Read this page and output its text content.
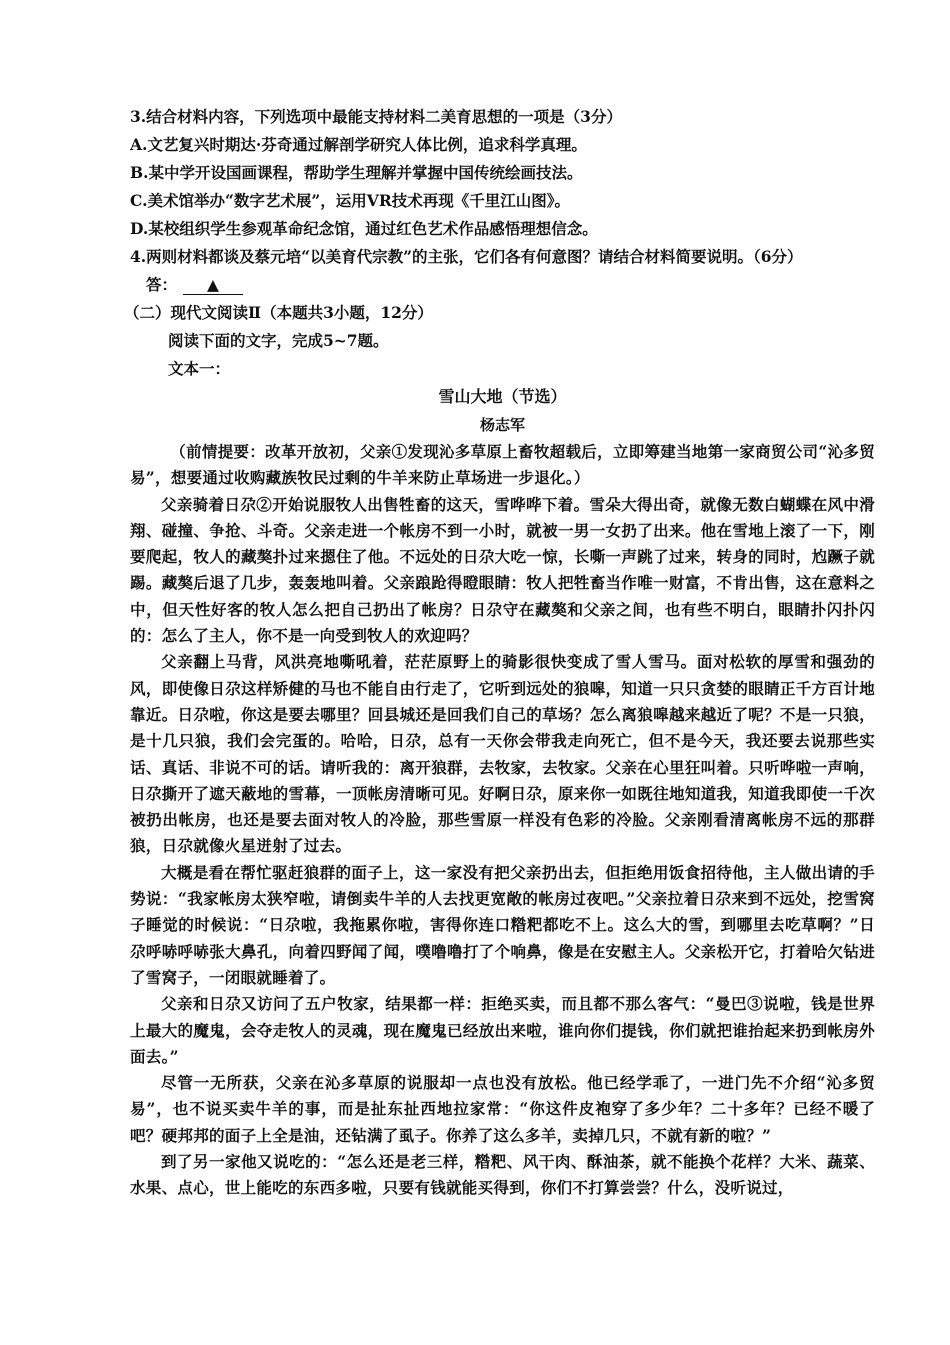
3.结合材料内容，下列选项中最能支持材料二美育思想的一项是（3分）
A.文艺复兴时期达·芬奇通过解剖学研究人体比例，追求科学真理。
B.某中学开设国画课程，帮助学生理解并掌握中国传统绘画技法。
C.美术馆举办“数字艺术展”，运用VR技术再现《千里江山图》。
D.某校组织学生参观革命纪念馆，通过红色艺术作品感悟理想信念。
4.两则材料都谈及蔡元培“以美育代宗教”的主张，它们各有何意图？请结合材料简要说明。（6分）
答： ▲
（二）现代文阅读Ⅱ（本题共3小题，12分）
阅读下面的文字，完成5~7题。
文本一：
雪山大地（节选）
杨志军

（前情提要：改革开放初，父亲①发现沁多草原上畜牧超载后，立即筹建当地第一家商贸公司“沁多贸易”，想要通过收购藏族牧民过剩的牛羊来防止草场进一步退化。）

父亲骑着日尕②开始说服牧人出售牲畜的这天，雪哗哗下着。雪朵大得出奇，就像无数白蝴蝶在风中滑翔、碰撞、争抢、斗奇。父亲走进一个帐房不到一小时，就被一男一女扔了出来。他在雪地上滚了一下，刚要爬起，牧人的藏獒扑过来摁住了他。不远处的日尕大吃一惊，长嘶一声跳了过来，转身的同时，尥蹶子就踢。藏獒后退了几步，轰轰地叫着。父亲踉跄得瞪眼睛：牧人把牲畜当作唯一财富，不肯出售，这在意料之中，但天性好客的牧人怎么把自己扔出了帐房？日尕守在藏獒和父亲之间，也有些不明白，眼睛扑闪扑闪的：怎么了主人，你不是一向受到牧人的欢迎吗？

父亲翻上马背，风洪亮地嘶吼着，茫茫原野上的骑影很快变成了雪人雪马。面对松软的厚雪和强劲的风，即使像日尕这样矫健的马也不能自由行走了，它听到远处的狼嗥，知道一只只贪婪的眼睛正千方百计地靠近。日尕啦，你这是要去哪里？回县城还是回我们自己的草场？怎么离狼嗥越来越近了呢？不是一只狼，是十几只狼，我们会完蛋的。哈哈，日尕，总有一天你会带我走向死亡，但不是今天，我还要去说那些实话、真话、非说不可的话。请听我的：离开狼群，去牧家，去牧家。父亲在心里狂叫着。只听哗啦一声响，日尕撕开了遮天蔽地的雪幕，一顶帐房清晰可见。好啊日尕，原来你一如既往地知道我，知道我即使一千次被扔出帐房，也还是要去面对牧人的冷脸，那些雪原一样没有色彩的冷脸。父亲刚看清离帐房不远的那群狼，日尕就像火星迸射了过去。

大概是看在帮忙驱赶狼群的面子上，这一家没有把父亲扔出去，但拒绝用饭食招待他，主人做出请的手势说：“我家帐房太狭窄啦，请倒卖牛羊的人去找更宽敞的帐房过夜吧。”父亲拉着日尕来到不远处，挖雪窝子睡觉的时候说：“日尕啦，我拖累你啦，害得你连口糌粑都吃不上。这么大的雪，到哪里去吃草啊？”日尕呼哧呼哧张大鼻孔，向着四野闻了闻，噗噜噜打了个响鼻，像是在安慰主人。父亲松开它，打着哈欠钻进了雪窝子，一闭眼就睡着了。

父亲和日尕又访问了五户牧家，结果都一样：拒绝买卖，而且都不那么客气：“曼巴③说啦，钱是世界上最大的魔鬼，会夺走牧人的灵魂，现在魔鬼已经放出来啦，谁向你们提钱，你们就把谁抬起来扔到帐房外面去。”

尽管一无所获，父亲在沁多草原的说服却一点也没有放松。他已经学乖了，一进门先不介绍“沁多贸易”，也不说买卖牛羊的事，而是扯东扯西地拉家常：“你这件皮袍穿了多少年？二十多年？已经不暖了吧？硬邦邦的面子上全是油，还钻满了虱子。你养了这么多羊，卖掉几只，不就有新的啦？”

到了另一家他又说吃的：“怎么还是老三样，糌粑、风干肉、酥油茶，就不能换个花样？大米、蔬菜、水果、点心，世上能吃的东西多啦，只要有钱就能买得到，你们不打算尝尝？什么，没听说过，
